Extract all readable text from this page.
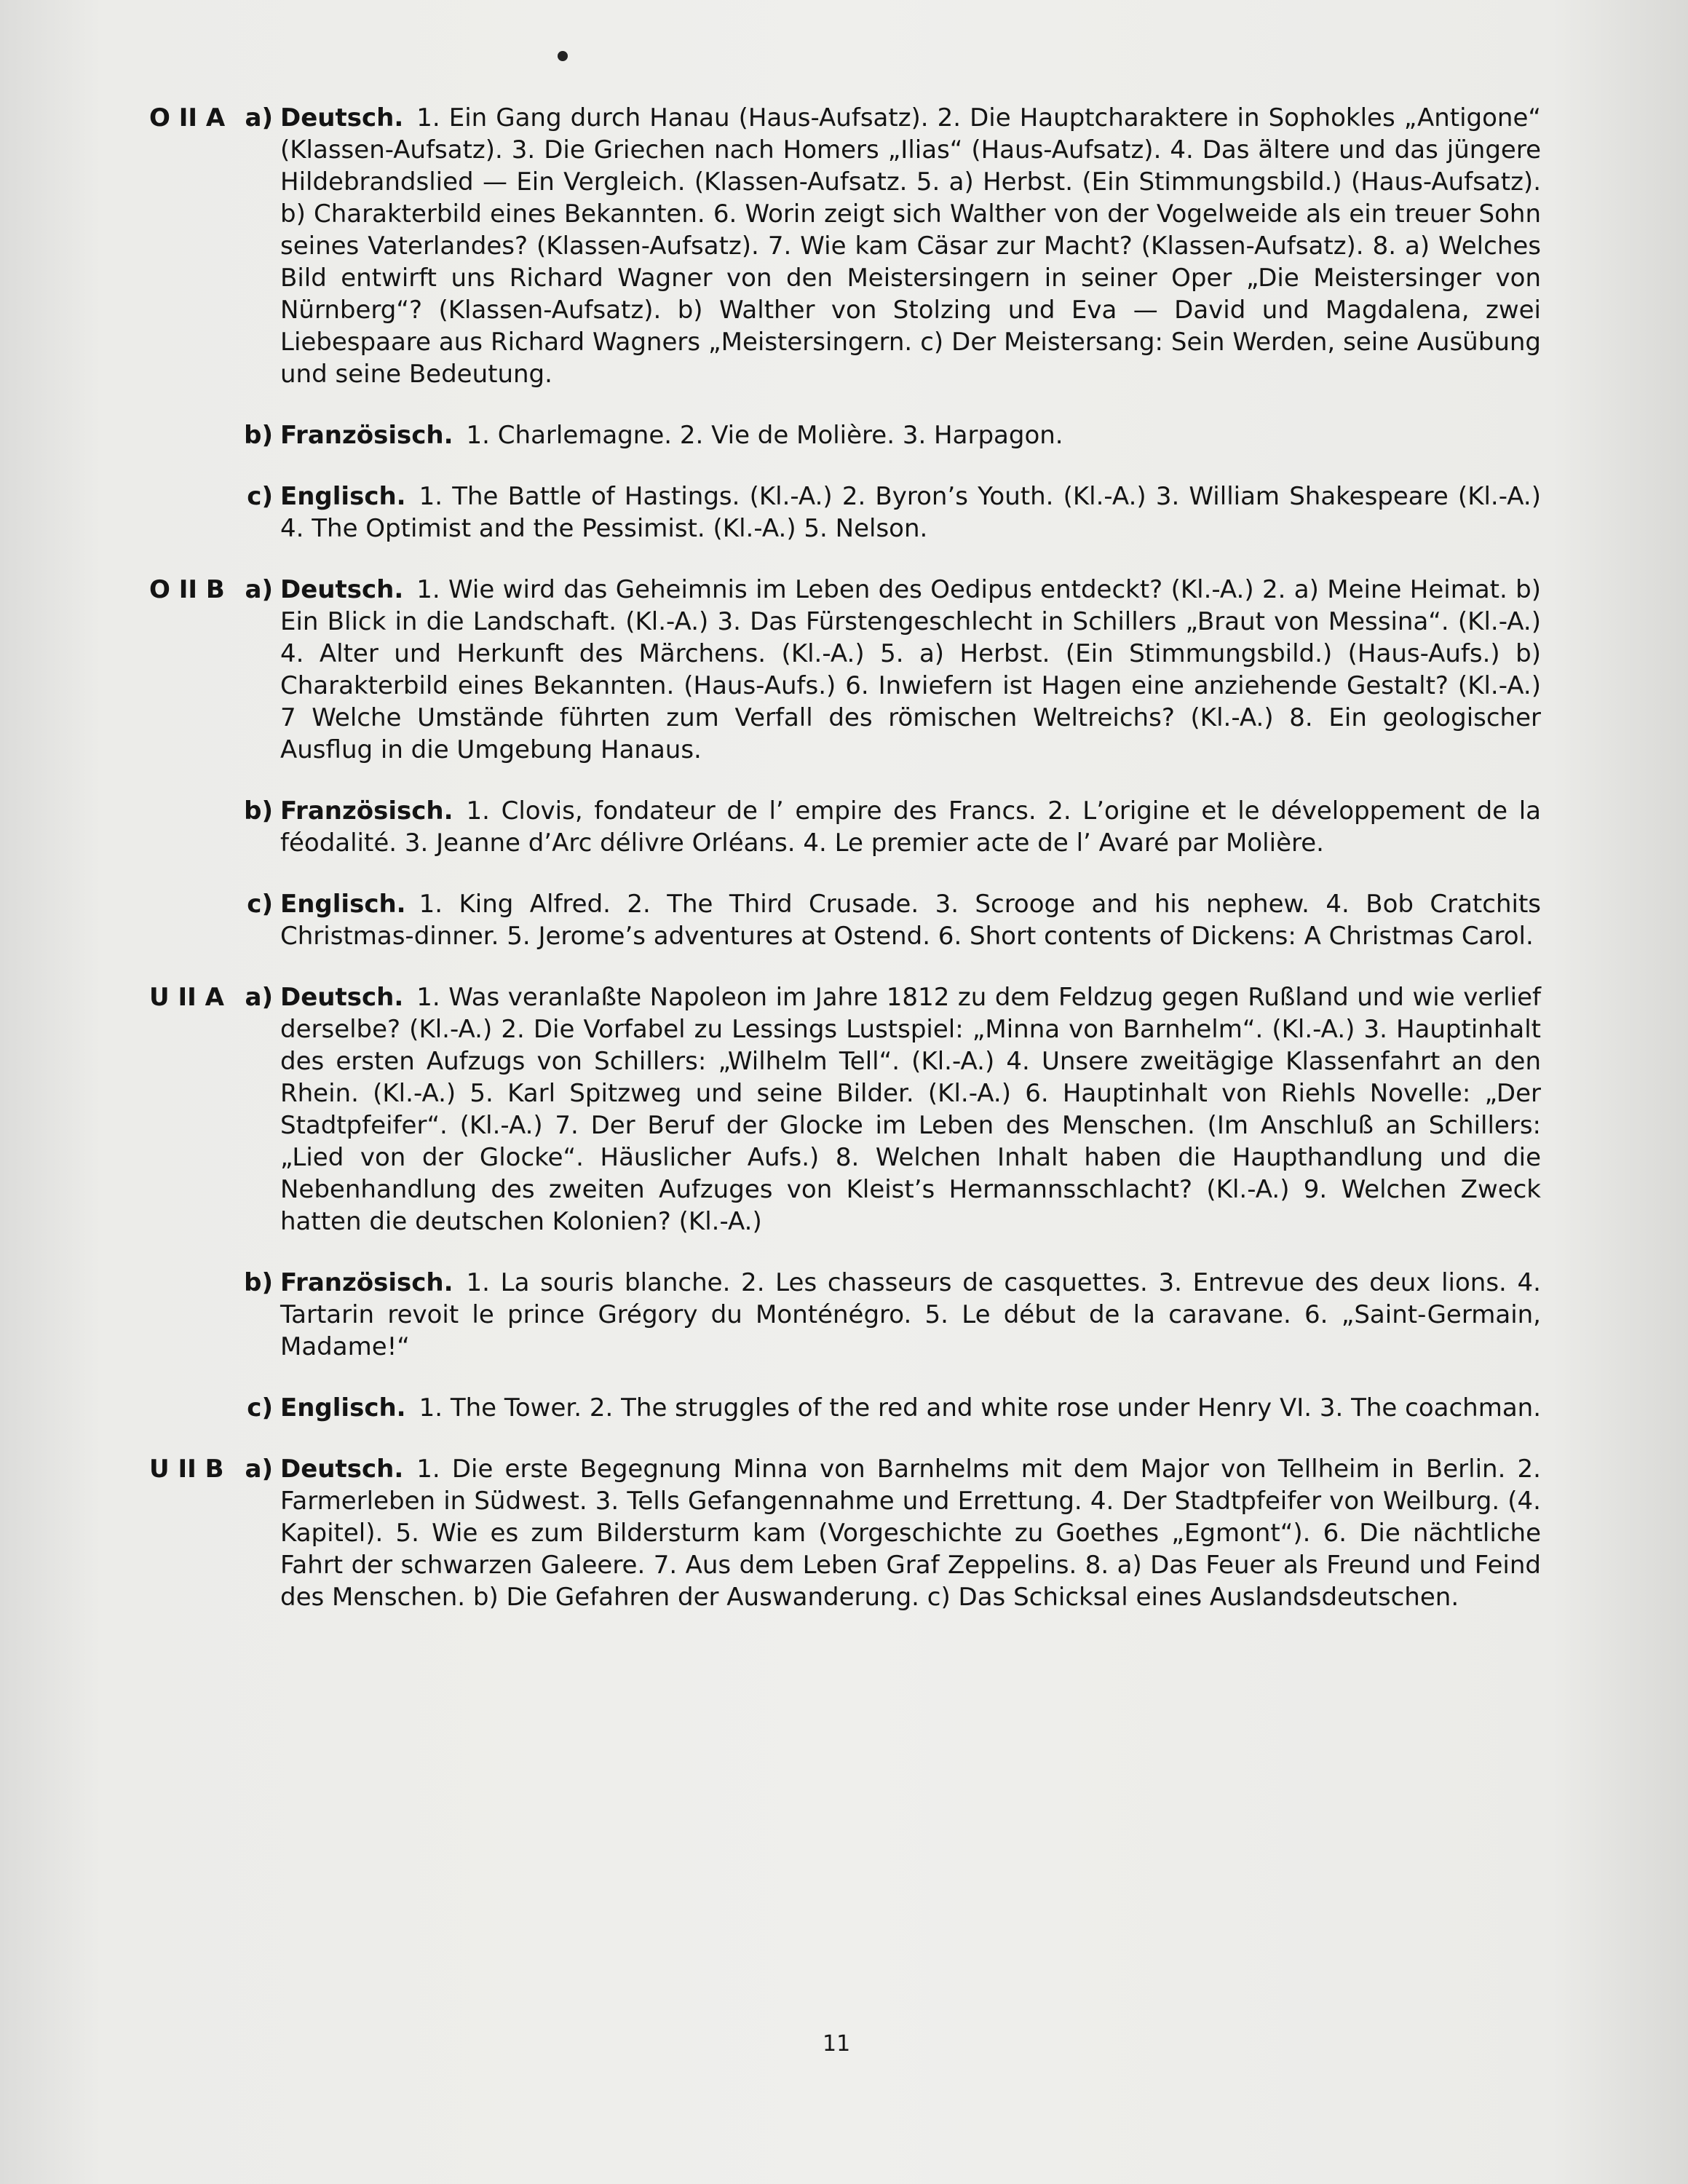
O II A a) Deutsch. 1. Ein Gang durch Hanau (Haus-Aufsatz). 2. Die Hauptcharaktere in Sophokles „Antigone“ (Klassen-Aufsatz). 3. Die Griechen nach Homers „Ilias“ (Haus-Aufsatz). 4. Das ältere und das jüngere Hildebrandslied — Ein Vergleich. (Klassen-Aufsatz. 5. a) Herbst. (Ein Stimmungsbild.) (Haus-Aufsatz). b) Charakterbild eines Bekannten. 6. Worin zeigt sich Walther von der Vogelweide als ein treuer Sohn seines Vaterlandes? (Klassen-Aufsatz). 7. Wie kam Cäsar zur Macht? (Klassen-Aufsatz). 8. a) Welches Bild entwirft uns Richard Wagner von den Meistersingern in seiner Oper „Die Meistersinger von Nürnberg“? (Klassen-Aufsatz). b) Walther von Stolzing und Eva — David und Magdalena, zwei Liebespaare aus Richard Wagners „Meistersingern. c) Der Meistersang: Sein Werden, seine Ausübung und seine Bedeutung.
b) Französisch. 1. Charlemagne. 2. Vie de Molière. 3. Harpagon.
c) Englisch. 1. The Battle of Hastings. (Kl.-A.) 2. Byron’s Youth. (Kl.-A.) 3. William Shakespeare (Kl.-A.) 4. The Optimist and the Pessimist. (Kl.-A.) 5. Nelson.
O II B a) Deutsch. 1. Wie wird das Geheimnis im Leben des Oedipus entdeckt? (Kl.-A.) 2. a) Meine Heimat. b) Ein Blick in die Landschaft. (Kl.-A.) 3. Das Fürstengeschlecht in Schillers „Braut von Messina“. (Kl.-A.) 4. Alter und Herkunft des Märchens. (Kl.-A.) 5. a) Herbst. (Ein Stimmungsbild.) (Haus-Aufs.) b) Charakterbild eines Bekannten. (Haus-Aufs.) 6. Inwiefern ist Hagen eine anziehende Gestalt? (Kl.-A.) 7 Welche Umstände führten zum Verfall des römischen Weltreichs? (Kl.-A.) 8. Ein geologischer Ausflug in die Umgebung Hanaus.
b) Französisch. 1. Clovis, fondateur de l’ empire des Francs. 2. L’origine et le développement de la féodalité. 3. Jeanne d’Arc délivre Orléans. 4. Le premier acte de l’ Avaré par Molière.
c) Englisch. 1. King Alfred. 2. The Third Crusade. 3. Scrooge and his nephew. 4. Bob Cratchits Christmas-dinner. 5. Jerome’s adventures at Ostend. 6. Short contents of Dickens: A Christmas Carol.
U II A a) Deutsch. 1. Was veranlaßte Napoleon im Jahre 1812 zu dem Feldzug gegen Rußland und wie verlief derselbe? (Kl.-A.) 2. Die Vorfabel zu Lessings Lustspiel: „Minna von Barnhelm“. (Kl.-A.) 3. Hauptinhalt des ersten Aufzugs von Schillers: „Wilhelm Tell“. (Kl.-A.) 4. Unsere zweitägige Klassenfahrt an den Rhein. (Kl.-A.) 5. Karl Spitzweg und seine Bilder. (Kl.-A.) 6. Hauptinhalt von Riehls Novelle: „Der Stadtpfeifer“. (Kl.-A.) 7. Der Beruf der Glocke im Leben des Menschen. (Im Anschluß an Schillers: „Lied von der Glocke“. Häuslicher Aufs.) 8. Welchen Inhalt haben die Haupthandlung und die Nebenhandlung des zweiten Aufzuges von Kleist’s Hermannsschlacht? (Kl.-A.) 9. Welchen Zweck hatten die deutschen Kolonien? (Kl.-A.)
b) Französisch. 1. La souris blanche. 2. Les chasseurs de casquettes. 3. Entrevue des deux lions. 4. Tartarin revoit le prince Grégory du Monténégro. 5. Le début de la caravane. 6. „Saint-Germain, Madame!“
c) Englisch. 1. The Tower. 2. The struggles of the red and white rose under Henry VI. 3. The coachman.
U II B a) Deutsch. 1. Die erste Begegnung Minna von Barnhelms mit dem Major von Tellheim in Berlin. 2. Farmerleben in Südwest. 3. Tells Gefangennahme und Errettung. 4. Der Stadtpfeifer von Weilburg. (4. Kapitel). 5. Wie es zum Bildersturm kam (Vorgeschichte zu Goethes „Egmont“). 6. Die nächtliche Fahrt der schwarzen Galeere. 7. Aus dem Leben Graf Zeppelins. 8. a) Das Feuer als Freund und Feind des Menschen. b) Die Gefahren der Auswanderung. c) Das Schicksal eines Auslandsdeutschen.
11
